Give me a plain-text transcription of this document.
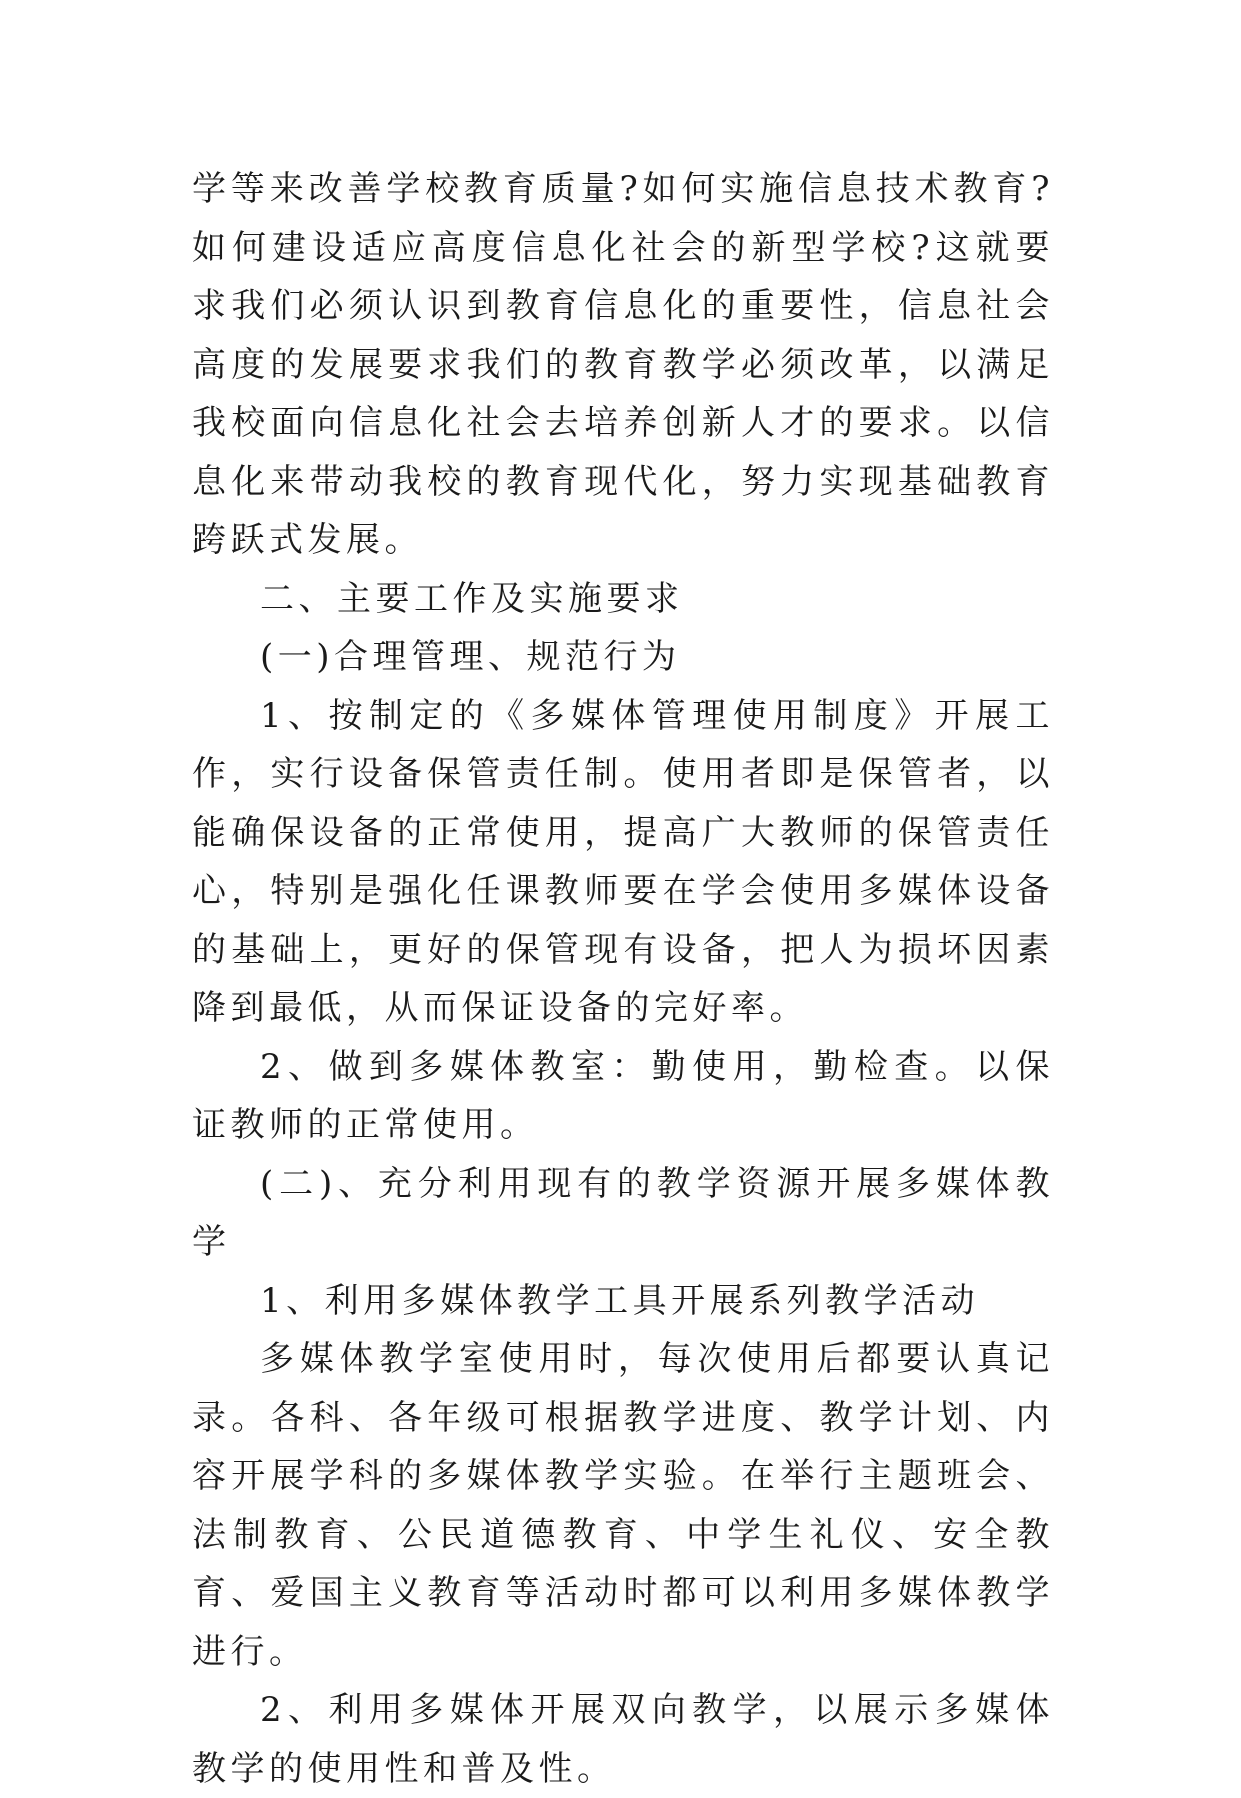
学等来改善学校教育质量?如何实施信息技术教育?如何建设适应高度信息化社会的新型学校?这就要求我们必须认识到教育信息化的重要性，信息社会高度的发展要求我们的教育教学必须改革，以满足我校面向信息化社会去培养创新人才的要求。以信息化来带动我校的教育现代化，努力实现基础教育跨跃式发展。

二、主要工作及实施要求

(一)合理管理、规范行为

1、按制定的《多媒体管理使用制度》开展工作，实行设备保管责任制。使用者即是保管者，以能确保设备的正常使用，提高广大教师的保管责任心，特别是强化任课教师要在学会使用多媒体设备的基础上，更好的保管现有设备，把人为损坏因素降到最低，从而保证设备的完好率。

2、做到多媒体教室：勤使用，勤检查。以保证教师的正常使用。

(二)、充分利用现有的教学资源开展多媒体教学

1、利用多媒体教学工具开展系列教学活动

多媒体教学室使用时，每次使用后都要认真记录。各科、各年级可根据教学进度、教学计划、内容开展学科的多媒体教学实验。在举行主题班会、法制教育、公民道德教育、中学生礼仪、安全教育、爱国主义教育等活动时都可以利用多媒体教学进行。

2、利用多媒体开展双向教学，以展示多媒体教学的使用性和普及性。
